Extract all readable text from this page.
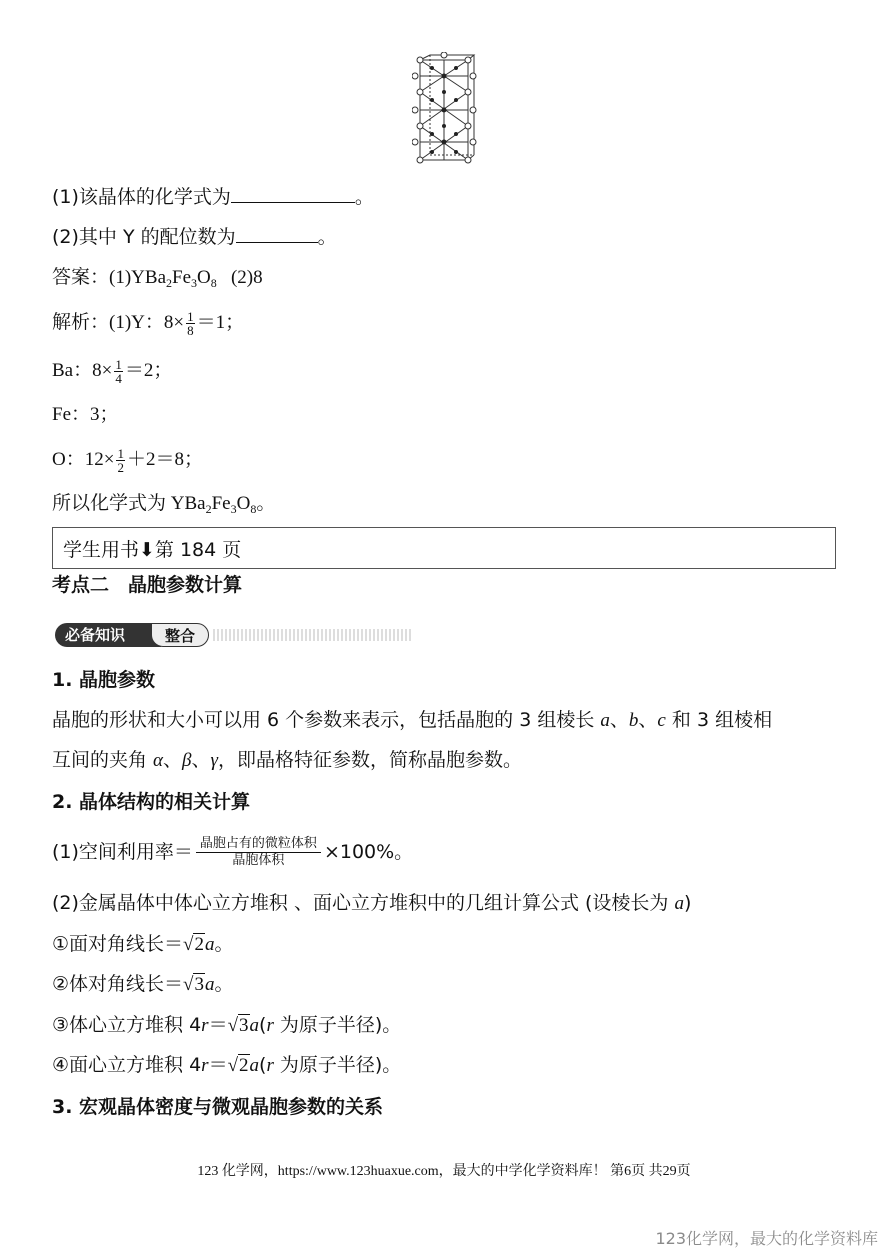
(1)该晶体的化学式为	。
(2)其中 Y 的配位数为	。
答案：$(1)YBa_2Fe_3O_8$   (2)8
解析：(1)Y：$8\times \frac{1}{8} =1$；
Ba：$8\times \frac{1}{4} =2$；
Fe：3；
O：$12\times \frac{1}{2} +2=8$；
所以化学式为 $YBa_2Fe_3O_8$。
学生用书⬇第 184 页
考点二　晶胞参数计算
必备知识	整合
1. 晶胞参数
晶胞的形状和大小可以用 6 个参数来表示，包括晶胞的 3 组棱长 a、b、c 和 3 组棱相
互间的夹角 α、β、γ，即晶格特征参数，简称晶胞参数。
2. 晶体结构的相关计算
(1)空间利用率＝ $\frac{\text{晶胞占有的微粒体积}}{\text{晶胞体积}} \times 100\%$。
(2)金属晶体中体心立方堆积 、面心立方堆积中的几组计算公式 (设棱长为 a)
①面对角线长＝√2a。
②体对角线长＝√3a。
③体心立方堆积 4r＝√3a(r 为原子半径)。
④面心立方堆积 4r＝√2a(r 为原子半径)。
3. 宏观晶体密度与微观晶胞参数的关系
123 化学网，https://www.123huaxue.com，最大的中学化学资料库！ 第6页 共29页
123化学网，最大的化学资料库
